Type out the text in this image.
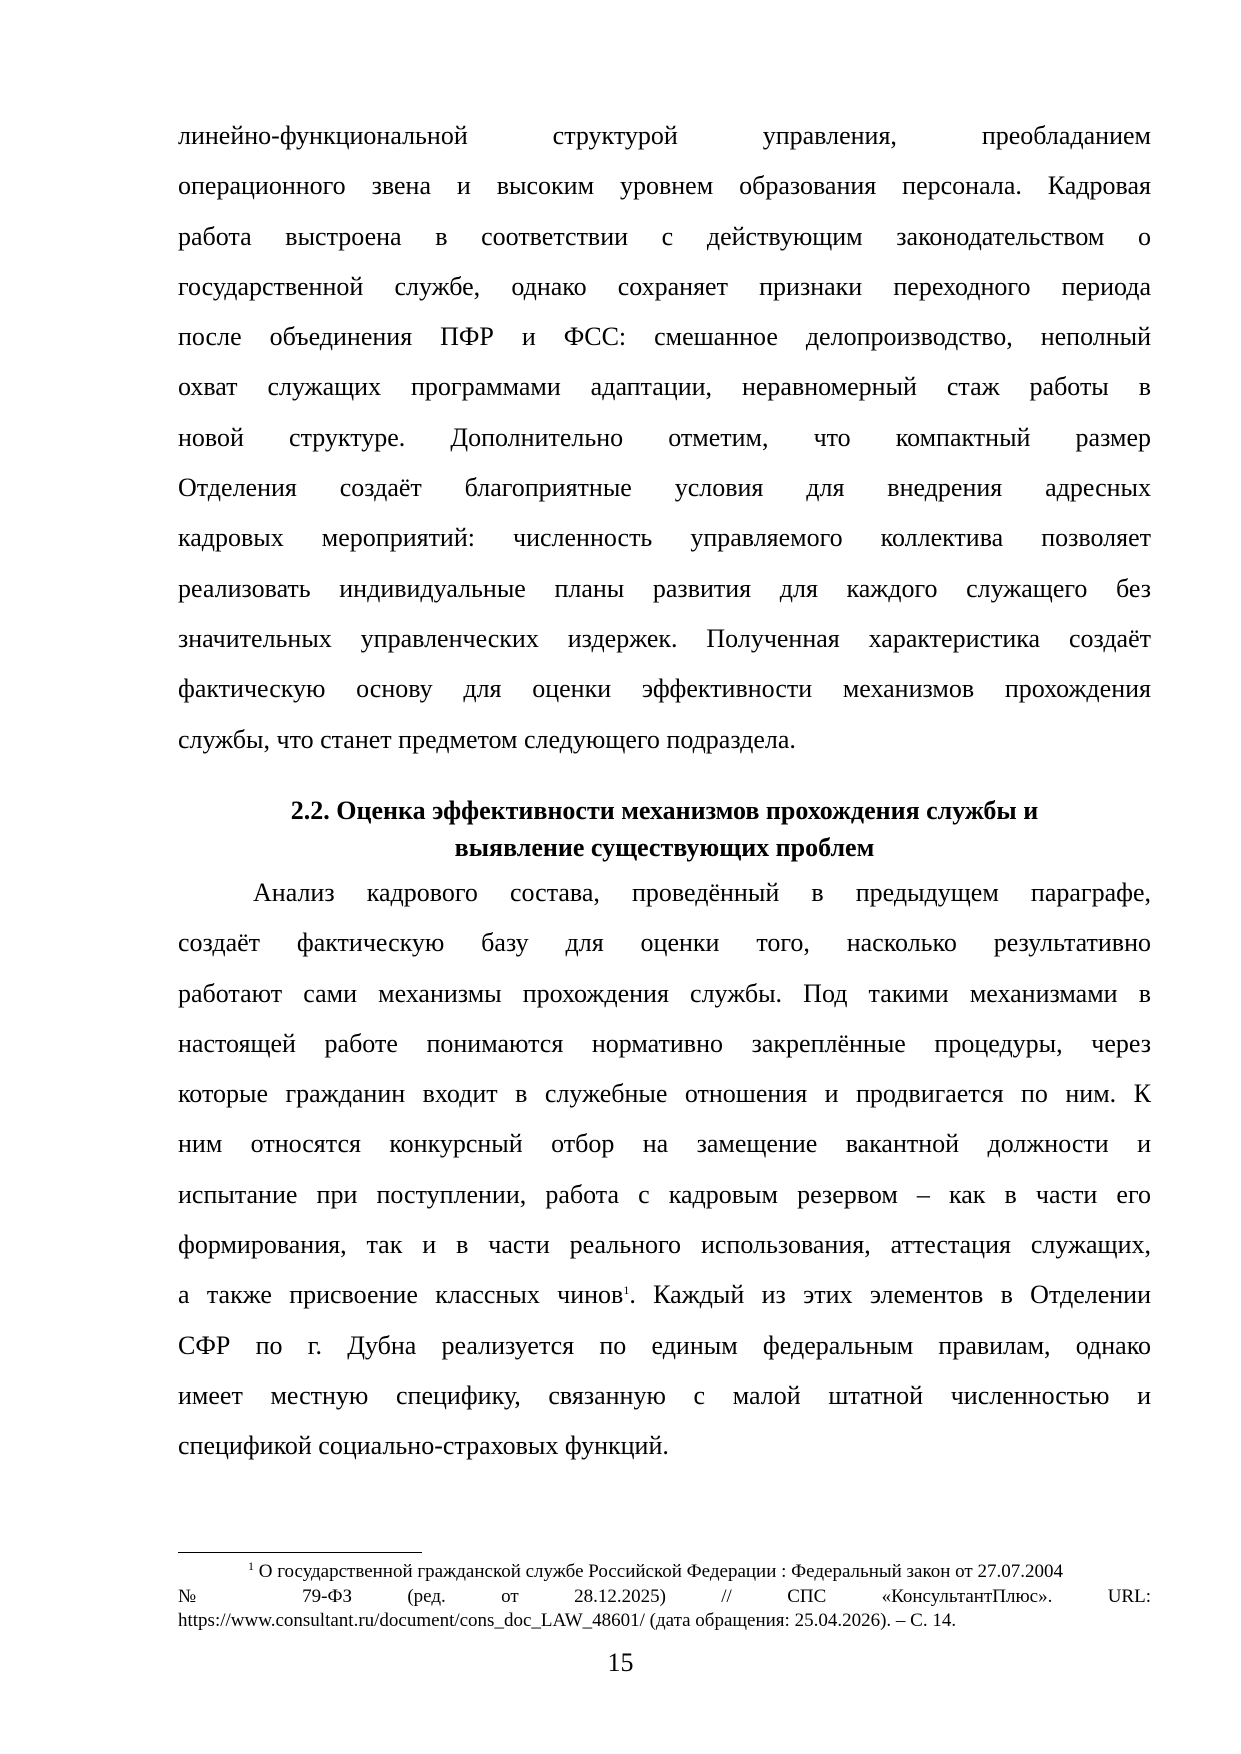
линейно-функциональной структурой управления, преобладанием
операционного звена и высоким уровнем образования персонала. Кадровая
работа выстроена в соответствии с действующим законодательством о
государственной службе, однако сохраняет признаки переходного периода
после объединения ПФР и ФСС: смешанное делопроизводство, неполный
охват служащих программами адаптации, неравномерный стаж работы в
новой структуре. Дополнительно отметим, что компактный размер
Отделения создаёт благоприятные условия для внедрения адресных
кадровых мероприятий: численность управляемого коллектива позволяет
реализовать индивидуальные планы развития для каждого служащего без
значительных управленческих издержек. Полученная характеристика создаёт
фактическую основу для оценки эффективности механизмов прохождения
службы, что станет предметом следующего подраздела.
2.2. Оценка эффективности механизмов прохождения службы и
выявление существующих проблем
Анализ кадрового состава, проведённый в предыдущем параграфе,
создаёт фактическую базу для оценки того, насколько результативно
работают сами механизмы прохождения службы. Под такими механизмами в
настоящей работе понимаются нормативно закреплённые процедуры, через
которые гражданин входит в служебные отношения и продвигается по ним. К
ним относятся конкурсный отбор на замещение вакантной должности и
испытание при поступлении, работа с кадровым резервом – как в части его
формирования, так и в части реального использования, аттестация служащих,
а также присвоение классных чинов$^1$. Каждый из этих элементов в Отделении
СФР по г. Дубна реализуется по единым федеральным правилам, однако
имеет местную специфику, связанную с малой штатной численностью и
спецификой социально-страховых функций.
$^1$ О государственной гражданской службе Российской Федерации : Федеральный закон от 27.07.2004
№ 79-ФЗ (ред. от 28.12.2025) // СПС «КонсультантПлюс». URL:
https://www.consultant.ru/document/cons_doc_LAW_48601/ (дата обращения: 25.04.2026). – С. 14.
15
